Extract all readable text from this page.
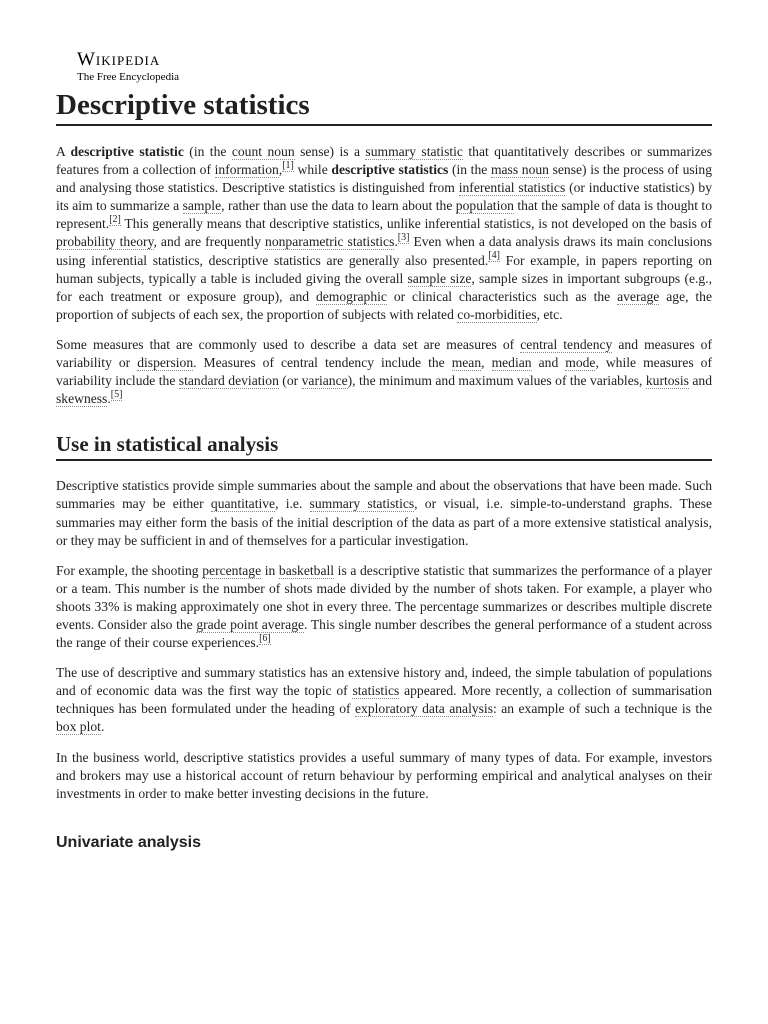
Wikipedia
The Free Encyclopedia
Descriptive statistics

A descriptive statistic (in the count noun sense) is a summary statistic that quantitatively describes or summarizes features from a collection of information,[1] while descriptive statistics (in the mass noun sense) is the process of using and analysing those statistics. Descriptive statistics is distinguished from inferential statistics (or inductive statistics) by its aim to summarize a sample, rather than use the data to learn about the population that the sample of data is thought to represent.[2] This generally means that descriptive statistics, unlike inferential statistics, is not developed on the basis of probability theory, and are frequently nonparametric statistics.[3] Even when a data analysis draws its main conclusions using inferential statistics, descriptive statistics are generally also presented.[4] For example, in papers reporting on human subjects, typically a table is included giving the overall sample size, sample sizes in important subgroups (e.g., for each treatment or exposure group), and demographic or clinical characteristics such as the average age, the proportion of subjects of each sex, the proportion of subjects with related co-morbidities, etc.

Some measures that are commonly used to describe a data set are measures of central tendency and measures of variability or dispersion. Measures of central tendency include the mean, median and mode, while measures of variability include the standard deviation (or variance), the minimum and maximum values of the variables, kurtosis and skewness.[5]

Use in statistical analysis

Descriptive statistics provide simple summaries about the sample and about the observations that have been made. Such summaries may be either quantitative, i.e. summary statistics, or visual, i.e. simple-to-understand graphs. These summaries may either form the basis of the initial description of the data as part of a more extensive statistical analysis, or they may be sufficient in and of themselves for a particular investigation.

For example, the shooting percentage in basketball is a descriptive statistic that summarizes the performance of a player or a team. This number is the number of shots made divided by the number of shots taken. For example, a player who shoots 33% is making approximately one shot in every three. The percentage summarizes or describes multiple discrete events. Consider also the grade point average. This single number describes the general performance of a student across the range of their course experiences.[6]

The use of descriptive and summary statistics has an extensive history and, indeed, the simple tabulation of populations and of economic data was the first way the topic of statistics appeared. More recently, a collection of summarisation techniques has been formulated under the heading of exploratory data analysis: an example of such a technique is the box plot.

In the business world, descriptive statistics provides a useful summary of many types of data. For example, investors and brokers may use a historical account of return behaviour by performing empirical and analytical analyses on their investments in order to make better investing decisions in the future.

Univariate analysis
